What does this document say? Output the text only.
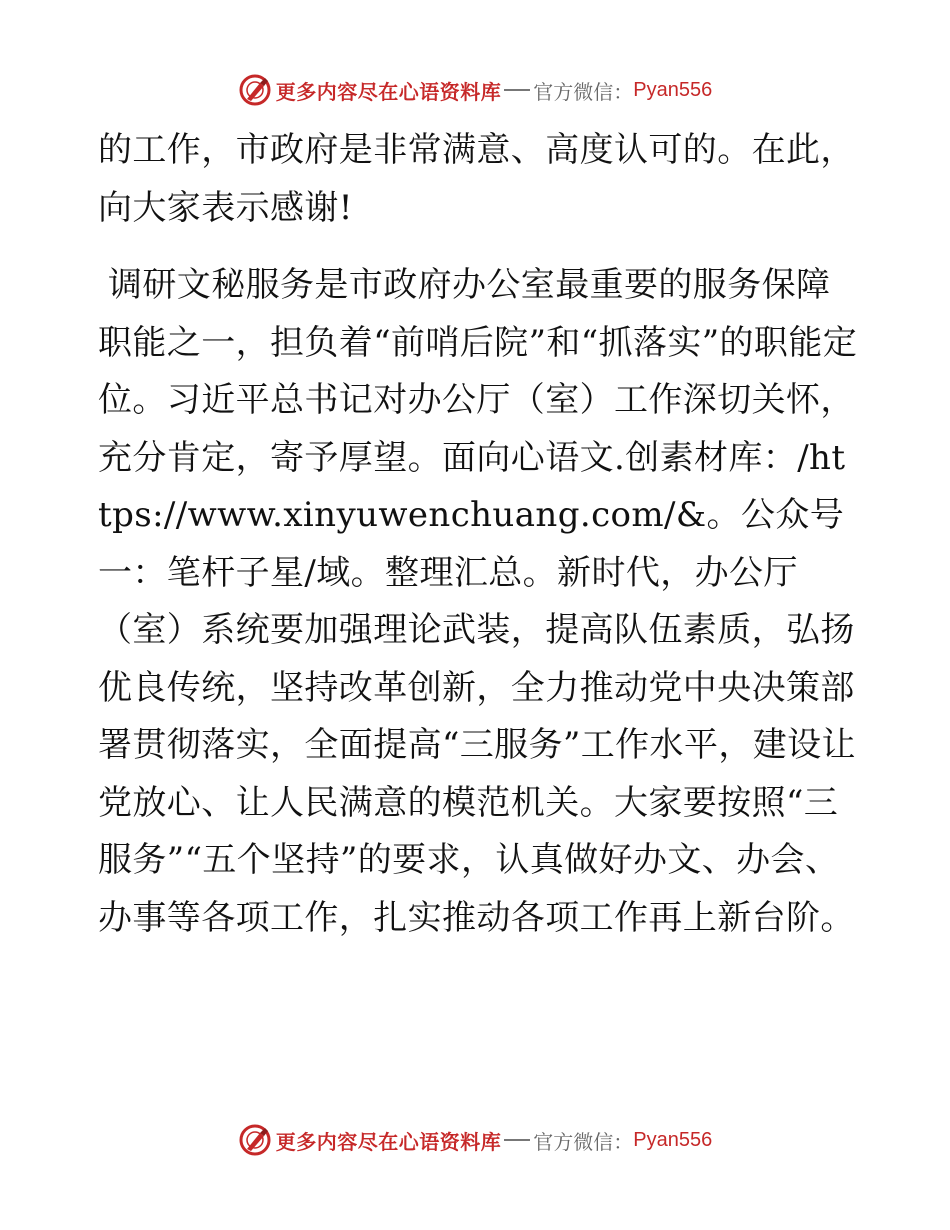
更多内容尽在心语资料库 官方微信： Pyan556

的工作，市政府是非常满意、高度认可的。在此，向大家表示感谢!

调研文秘服务是市政府办公室最重要的服务保障职能之一，担负着“前哨后院”和“抓落实”的职能定位。习近平总书记对办公厅（室）工作深切关怀，充分肯定，寄予厚望。面向心语文.创素材库：/https://www.xinyuwenchuang.com/&。公众号一：笔杆子星/域。整理汇总。新时代，办公厅（室）系统要加强理论武装，提高队伍素质，弘扬优良传统，坚持改革创新，全力推动党中央决策部署贯彻落实，全面提高“三服务”工作水平，建设让党放心、让人民满意的模范机关。大家要按照“三服务”“五个坚持”的要求，认真做好办文、办会、办事等各项工作，扎实推动各项工作再上新台阶。

更多内容尽在心语资料库 官方微信： Pyan556
